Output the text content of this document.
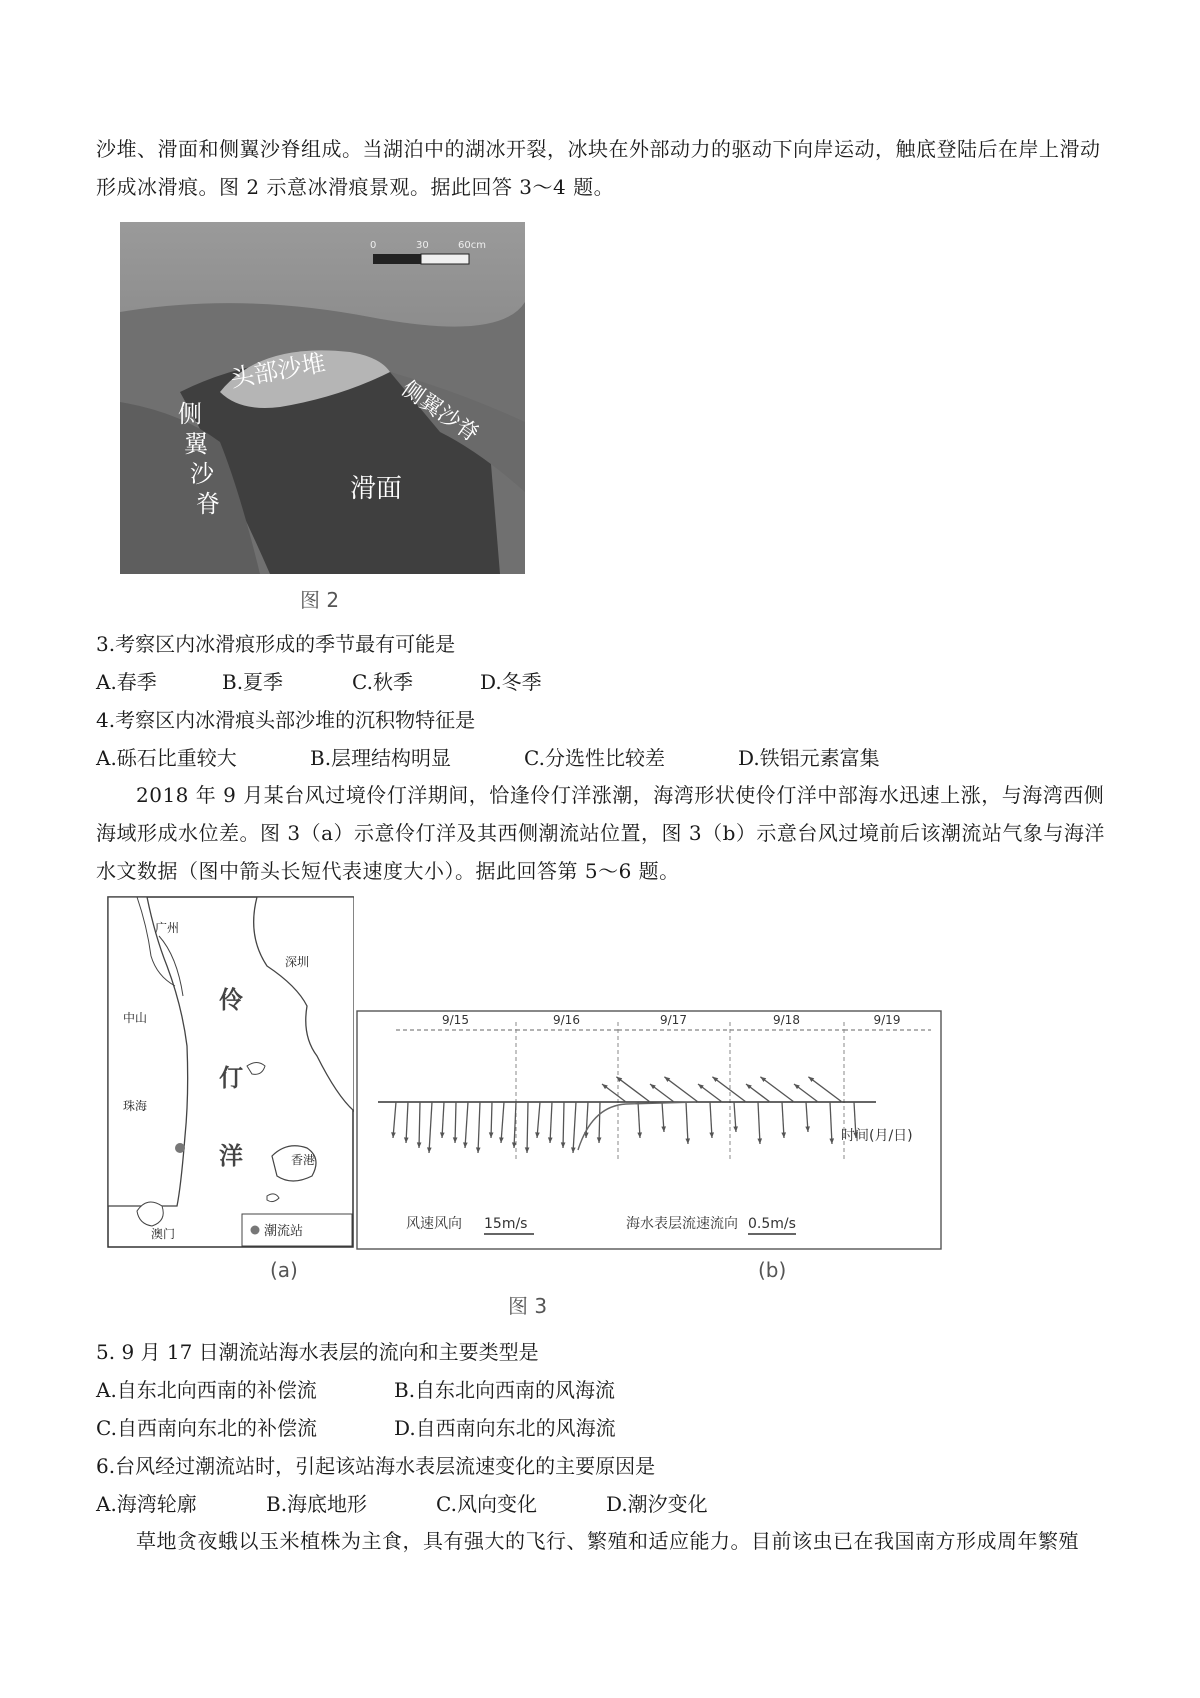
沙堆、滑面和侧翼沙脊组成。当湖泊中的湖冰开裂，冰块在外部动力的驱动下向岸运动，触底登陆后在岸上滑动形成冰滑痕。图 2 示意冰滑痕景观。据此回答 3～4 题。

0	30	60cm
头部沙堆
侧翼沙脊
滑面
侧
翼
沙
脊
图 2
3.考察区内冰滑痕形成的季节最有可能是
A.春季	B.夏季	C.秋季	D.冬季
4.考察区内冰滑痕头部沙堆的沉积物特征是
A.砾石比重较大	B.层理结构明显	C.分选性比较差	D.铁铝元素富集

2018 年 9 月某台风过境伶仃洋期间，恰逢伶仃洋涨潮，海湾形状使伶仃洋中部海水迅速上涨，与海湾西侧海域形成水位差。图 3（a）示意伶仃洋及其西侧潮流站位置，图 3（b）示意台风过境前后该潮流站气象与海洋水文数据（图中箭头长短代表速度大小）。据此回答第 5～6 题。

广州
深圳
中山
珠海
香港
澳门
伶
仃
洋
潮流站
9/15	9/16	9/17	9/18	9/19
时间(月/日)
风速风向 15m/s	海水表层流速流向 0.5m/s
(a)	(b)
图 3
5. 9 月 17 日潮流站海水表层的流向和主要类型是
A.自东北向西南的补偿流	B.自东北向西南的风海流
C.自西南向东北的补偿流	D.自西南向东北的风海流
6.台风经过潮流站时，引起该站海水表层流速变化的主要原因是
A.海湾轮廓	B.海底地形	C.风向变化	D.潮汐变化

草地贪夜蛾以玉米植株为主食，具有强大的飞行、繁殖和适应能力。目前该虫已在我国南方形成周年繁殖
